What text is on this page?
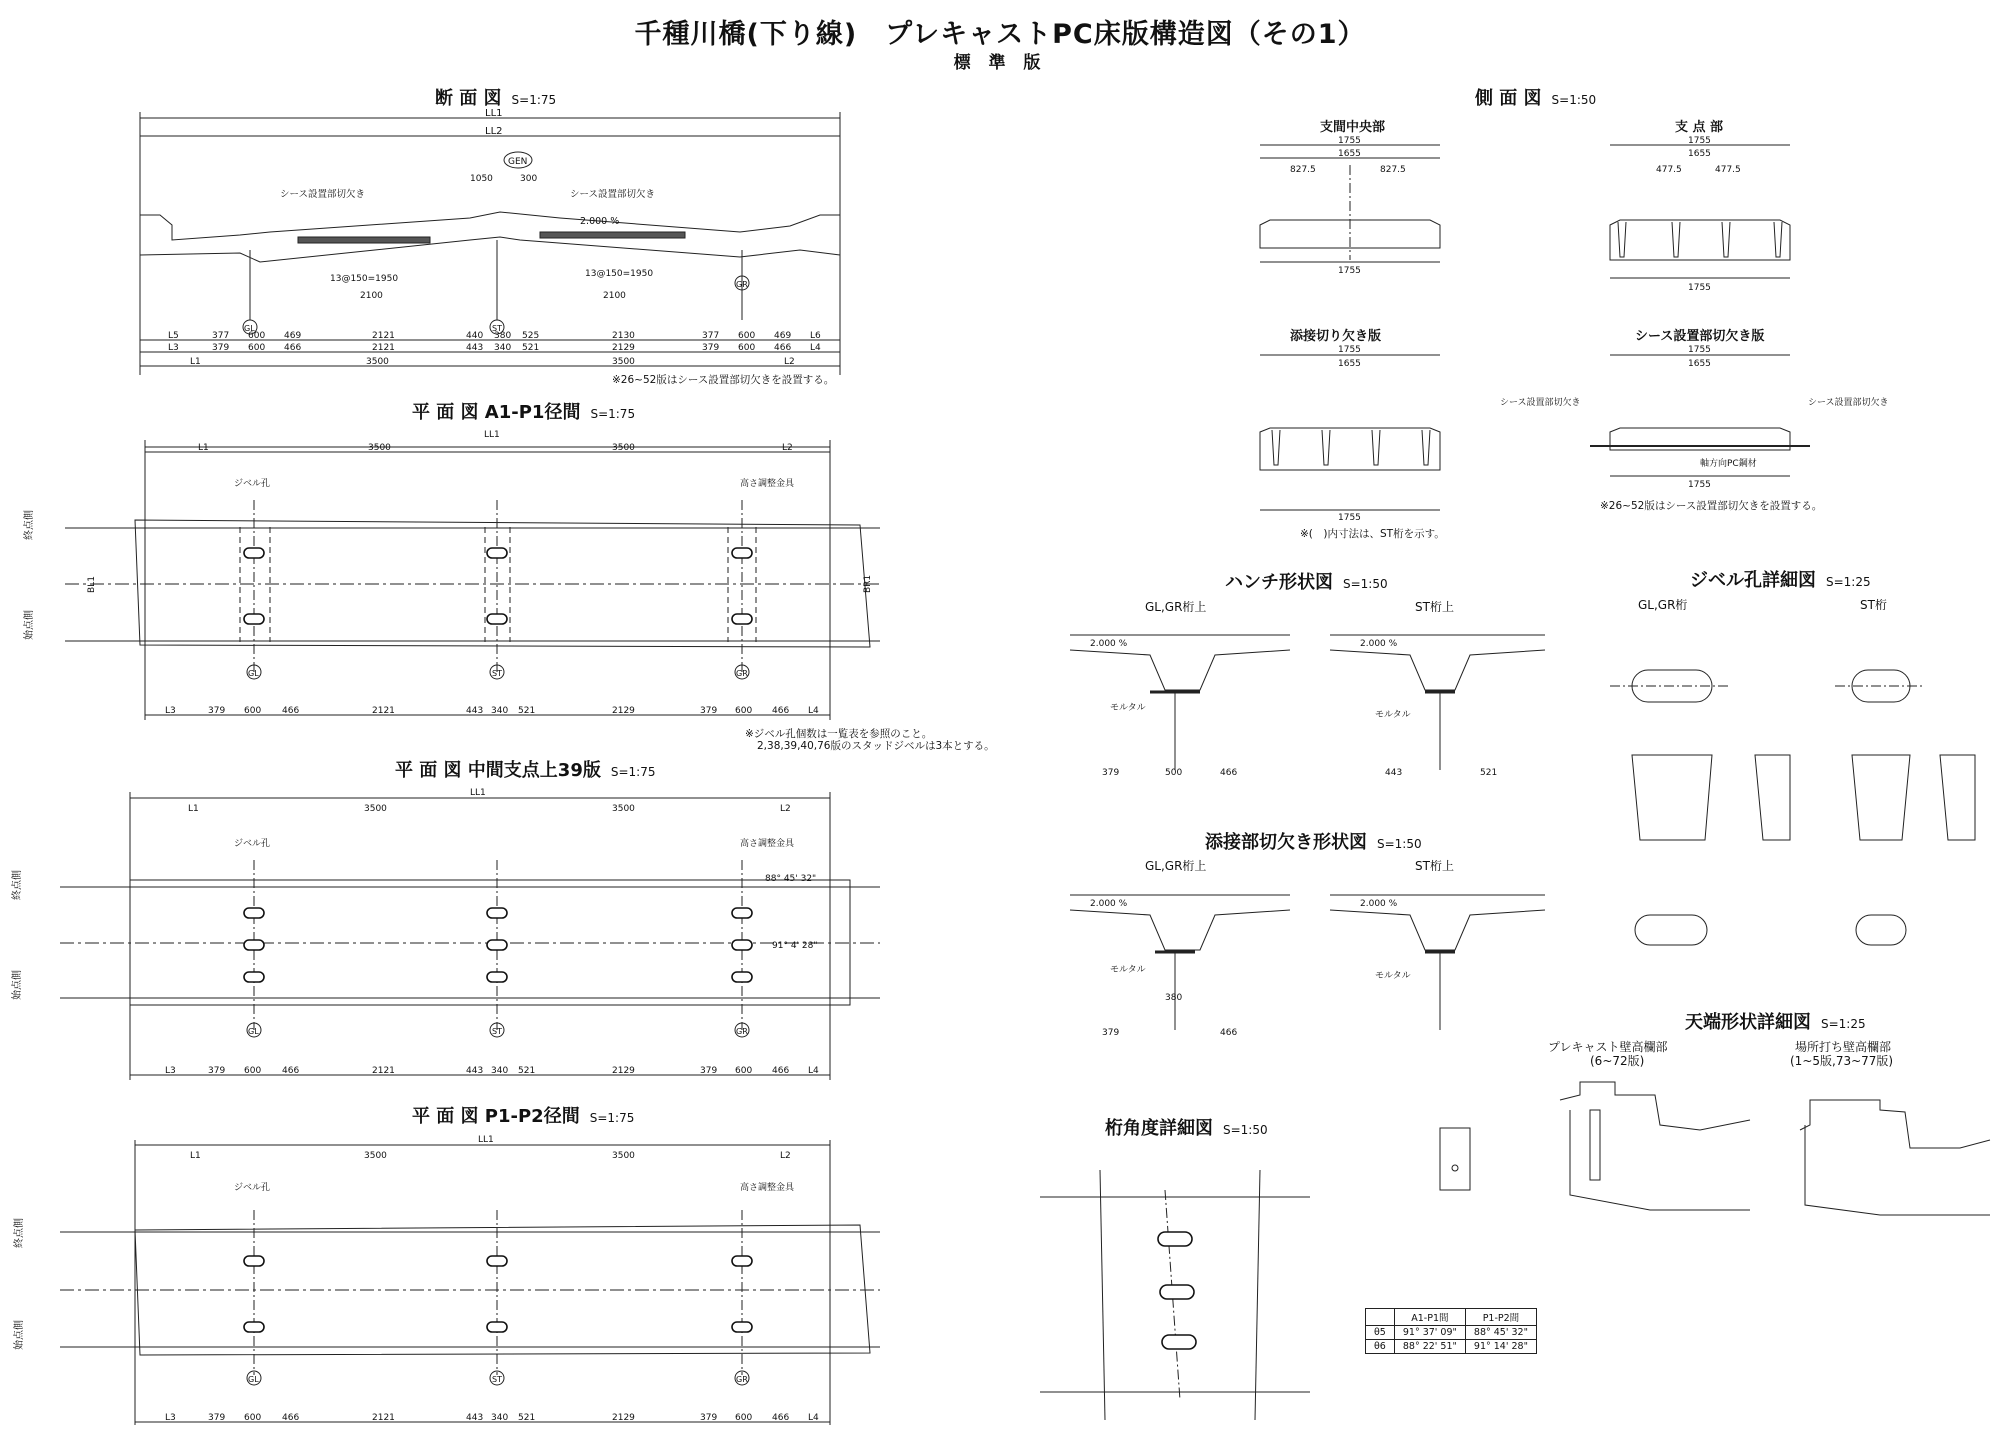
千種川橋(下り線)　プレキャストPC床版構造図（その1）
標 準 版
断 面 図 S=1:75
平 面 図 A1-P1径間 S=1:75
平 面 図 中間支点上39版 S=1:75
平 面 図 P1-P2径間 S=1:75
側 面 図 S=1:50
ハンチ形状図 S=1:50
添接部切欠き形状図 S=1:50
ジベル孔詳細図 S=1:25
天端形状詳細図 S=1:25
桁角度詳細図 S=1:50
支間中央部	支 点 部
添接切り欠き版	シース設置部切欠き版
GL,GR桁上	ST桁上
GL,GR桁上	ST桁上
GL,GR桁	ST桁
プレキャスト壁高欄部
(6~72版)
場所打ち壁高欄部
(1~5版,73~77版)
※26~52版はシース設置部切欠きを設置する。
※(　)内寸法は、ST桁を示す。
※ジベル孔個数は一覧表を参照のこと。
2,38,39,40,76版のスタッドジベルは3本とする。
※26~52版はシース設置部切欠きを設置する。
	A1-P1間	P1-P2間
θ5	91° 37' 09"	88° 45' 32"
θ6	88° 22' 51"	91° 14' 28"
LL1
LL2
シース設置部切欠き	シース設置部切欠き
2.000 %
GEN
GL	ST
GR
13@150=1950	13@150=1950
2100	2100
1050	300
L5	377 600 469	2121	440 380 525	2130	377 600 469 L6
L3	379 600 466	2121	443 340 521	2129	379 600 466 L4
L1	3500	3500	L2
LL1
L1	3500	3500	L2
終点側
始点側
ジベル孔	高さ調整金具
BL1	BR1
GL	ST	GR
L3	379 600 466	2121	443 340 521	2129	379 600 466 L4
LL1
L1	3500	3500	L2
終点側
始点側
ジベル孔	高さ調整金具
88° 45' 32"
91° 4' 28"
GL	ST	GR
L3	379 600 466	2121	443 340 521	2129	379 600 466 L4
LL1
L1	3500	3500	L2
終点側
始点側
ジベル孔	高さ調整金具
GL	ST	GR
L3	379 600 466	2121	443 340 521	2129	379 600 466 L4
1755
1655
827.5	827.5
1755
1755
1655
477.5	477.5
1755
1755
1655
1755
1755
1655
シース設置部切欠き	シース設置部切欠き
軸方向PC鋼材
1755
2.000 %
モルタル
379	500	466
2.000 %
モルタル
443	521
2.000 %
モルタル
380
379	466
2.000 %
モルタル
